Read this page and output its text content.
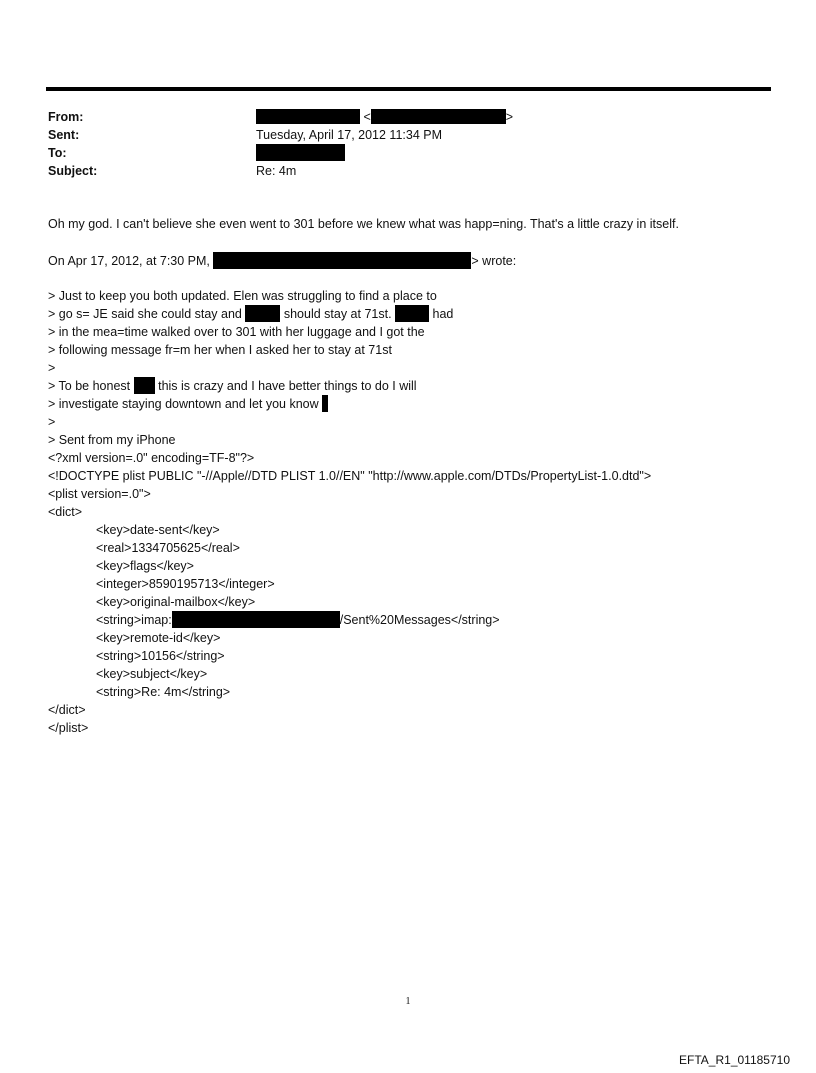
From:	<	>
Sent:	Tuesday, April 17, 2012 11:34 PM
To:
Subject:	Re: 4m
Oh my god. I can't believe she even went to 301 before we knew what was happ=ning. That's a little crazy in itself.
On Apr 17, 2012, at 7:30 PM,	> wrote:
> Just to keep you both updated. Elen was struggling to find a place to
> go s= JE said she could stay and	should stay at 71st.	had
> in the mea=time walked over to 301 with her luggage and I got the
> following message fr=m her when I asked her to stay at 71st
>
> To be honest this is crazy and I have better things to do I will
> investigate staying downtown and let you know
>
> Sent from my iPhone
<?xml version=.0" encoding=TF-8"?>
<!DOCTYPE plist PUBLIC "-//Apple//DTD PLIST 1.0//EN" "http://www.apple.com/DTDs/PropertyList-1.0.dtd">
<plist version=.0">
<dict>
<key>date-sent</key>
<real>1334705625</real>
<key>flags</key>
<integer>8590195713</integer>
<key>original-mailbox</key>
<string>imap:	/Sent%20Messages</string>
<key>remote-id</key>
<string>10156</string>
<key>subject</key>
<string>Re: 4m</string>
</dict>
</plist>
1
EFTA_R1_01185710
